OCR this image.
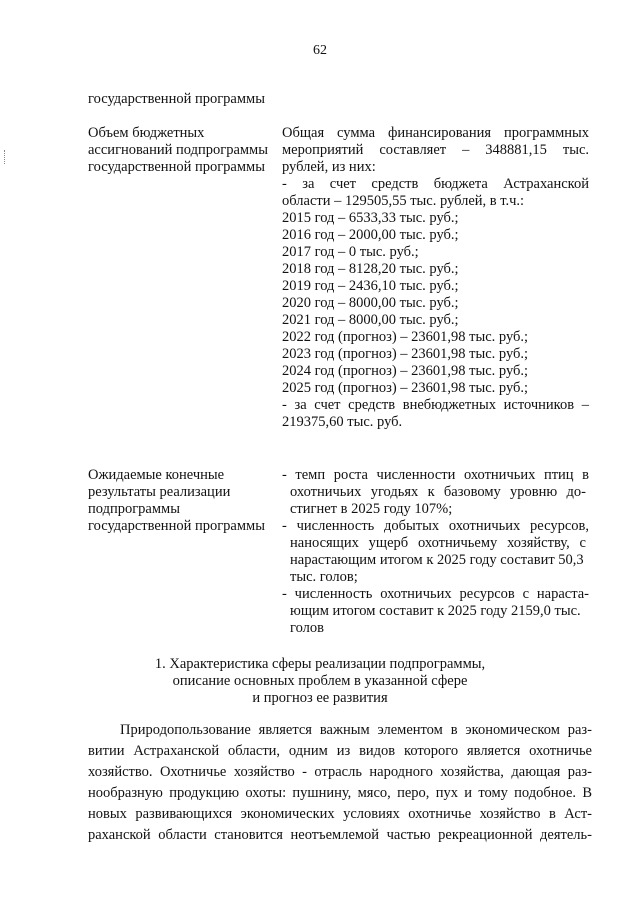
62
государственной программы
Объем бюджетных
ассигнований подпрограммы
государственной программы
Общая сумма финансирования программных
мероприятий составляет – 348881,15 тыс.
рублей, из них:
- за счет средств бюджета Астраханской
области – 129505,55 тыс. рублей, в т.ч.:
2015 год – 6533,33 тыс. руб.;
2016 год – 2000,00 тыс. руб.;
2017 год – 0 тыс. руб.;
2018 год – 8128,20 тыс. руб.;
2019 год – 2436,10 тыс. руб.;
2020 год – 8000,00 тыс. руб.;
2021 год – 8000,00 тыс. руб.;
2022 год (прогноз) – 23601,98 тыс. руб.;
2023 год (прогноз) – 23601,98 тыс. руб.;
2024 год (прогноз) – 23601,98 тыс. руб.;
2025 год (прогноз) – 23601,98 тыс. руб.;
- за счет средств внебюджетных источников –
219375,60 тыс. руб.
Ожидаемые конечные
результаты реализации
подпрограммы
государственной программы
- темп роста численности охотничьих птиц в
охотничьих угодьях к базовому уровню до-
стигнет в 2025 году 107%;
- численность добытых охотничьих ресурсов,
наносящих ущерб охотничьему хозяйству, с
нарастающим итогом к 2025 году составит 50,3
тыс. голов;
- численность охотничьих ресурсов с нараста-
ющим итогом составит к 2025 году 2159,0 тыс.
голов
1. Характеристика сферы реализации подпрограммы,
описание основных проблем в указанной сфере
и прогноз ее развития
Природопользование является важным элементом в экономическом раз-
витии Астраханской области, одним из видов которого является охотничье
хозяйство. Охотничье хозяйство - отрасль народного хозяйства, дающая раз-
нообразную продукцию охоты: пушнину, мясо, перо, пух и тому подобное. В
новых развивающихся экономических условиях охотничье хозяйство в Аст-
раханской области становится неотъемлемой частью рекреационной деятель-
